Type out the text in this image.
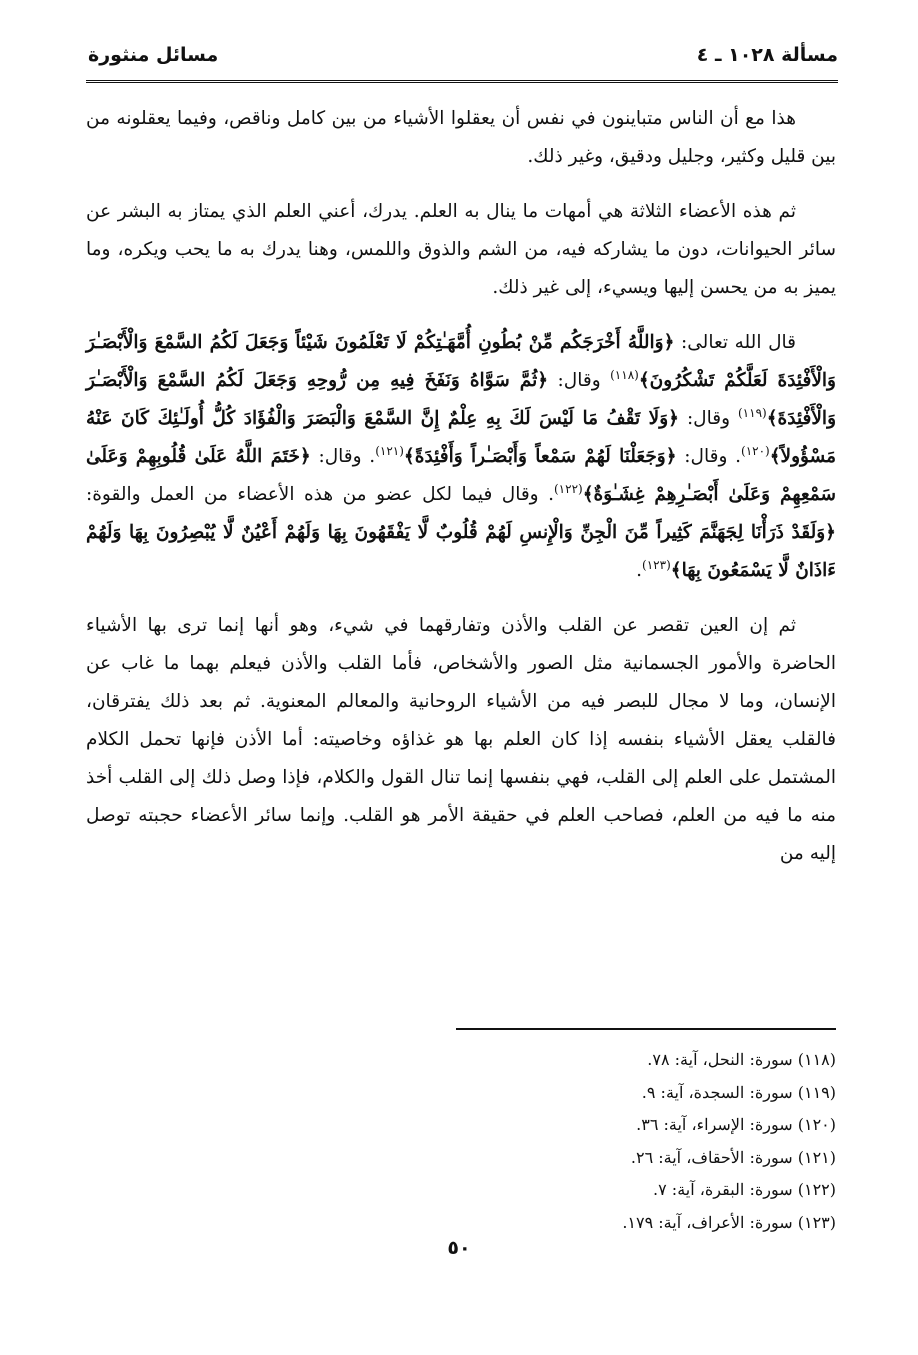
مسألة ١٠٢٨ ـ ٤
مسائل منثورة

هذا مع أن الناس متباينون في نفس أن يعقلوا الأشياء من بين كامل وناقص، وفيما يعقلونه من بين قليل وكثير، وجليل ودقيق، وغير ذلك.

ثم هذه الأعضاء الثلاثة هي أمهات ما ينال به العلم. يدرك، أعني العلم الذي يمتاز به البشر عن سائر الحيوانات، دون ما يشاركه فيه، من الشم والذوق واللمس، وهنا يدرك به ما يحب ويكره، وما يميز به من يحسن إليها ويسيء، إلى غير ذلك.

قال الله تعالى: ﴿وَاللَّهُ أَخْرَجَكُم مِّنْ بُطُونِ أُمَّهَـٰتِكُمْ لَا تَعْلَمُونَ شَيْئاً وَجَعَلَ لَكُمُ السَّمْعَ وَالْأَبْصَـٰرَ وَالْأَفْئِدَةَ لَعَلَّكُمْ تَشْكُرُونَ﴾$^{(١١٨)}$ وقال: ﴿ثُمَّ سَوَّاهُ وَنَفَخَ فِيهِ مِن رُّوحِهِ وَجَعَلَ لَكُمُ السَّمْعَ وَالْأَبْصَـٰرَ وَالْأَفْئِدَةَ﴾$^{(١١٩)}$ وقال: ﴿وَلَا تَقْفُ مَا لَيْسَ لَكَ بِهِ عِلْمٌ إِنَّ السَّمْعَ وَالْبَصَرَ وَالْفُؤَادَ كُلُّ أُولَـٰئِكَ كَانَ عَنْهُ مَسْؤُولاً﴾$^{(١٢٠)}$. وقال: ﴿وَجَعَلْنَا لَهُمْ سَمْعاً وَأَبْصَـٰراً وَأَفْئِدَةً﴾$^{(١٢١)}$. وقال: ﴿خَتَمَ اللَّهُ عَلَىٰ قُلُوبِهِمْ وَعَلَىٰ سَمْعِهِمْ وَعَلَىٰ أَبْصَـٰرِهِمْ غِشَـٰوَةٌ﴾$^{(١٢٢)}$. وقال فيما لكل عضو من هذه الأعضاء من العمل والقوة: ﴿وَلَقَدْ ذَرَأْنَا لِجَهَنَّمَ كَثِيراً مِّنَ الْجِنِّ وَالْإِنسِ لَهُمْ قُلُوبٌ لَّا يَفْقَهُونَ بِهَا وَلَهُمْ أَعْيُنٌ لَّا يُبْصِرُونَ بِهَا وَلَهُمْ ءَاذَانٌ لَّا يَسْمَعُونَ بِهَا﴾$^{(١٢٣)}$.

ثم إن العين تقصر عن القلب والأذن وتفارقهما في شيء، وهو أنها إنما ترى بها الأشياء الحاضرة والأمور الجسمانية مثل الصور والأشخاص، فأما القلب والأذن فيعلم بهما ما غاب عن الإنسان، وما لا مجال للبصر فيه من الأشياء الروحانية والمعالم المعنوية. ثم بعد ذلك يفترقان، فالقلب يعقل الأشياء بنفسه إذا كان العلم بها هو غذاؤه وخاصيته: أما الأذن فإنها تحمل الكلام المشتمل على العلم إلى القلب، فهي بنفسها إنما تنال القول والكلام، فإذا وصل ذلك إلى القلب أخذ منه ما فيه من العلم، فصاحب العلم في حقيقة الأمر هو القلب. وإنما سائر الأعضاء حجبته توصل إليه من

(١١٨) سورة: النحل، آية: ٧٨.

(١١٩) سورة: السجدة، آية: ٩.

(١٢٠) سورة: الإسراء، آية: ٣٦.

(١٢١) سورة: الأحقاف، آية: ٢٦.

(١٢٢) سورة: البقرة، آية: ٧.

(١٢٣) سورة: الأعراف، آية: ١٧٩.

٥٠
